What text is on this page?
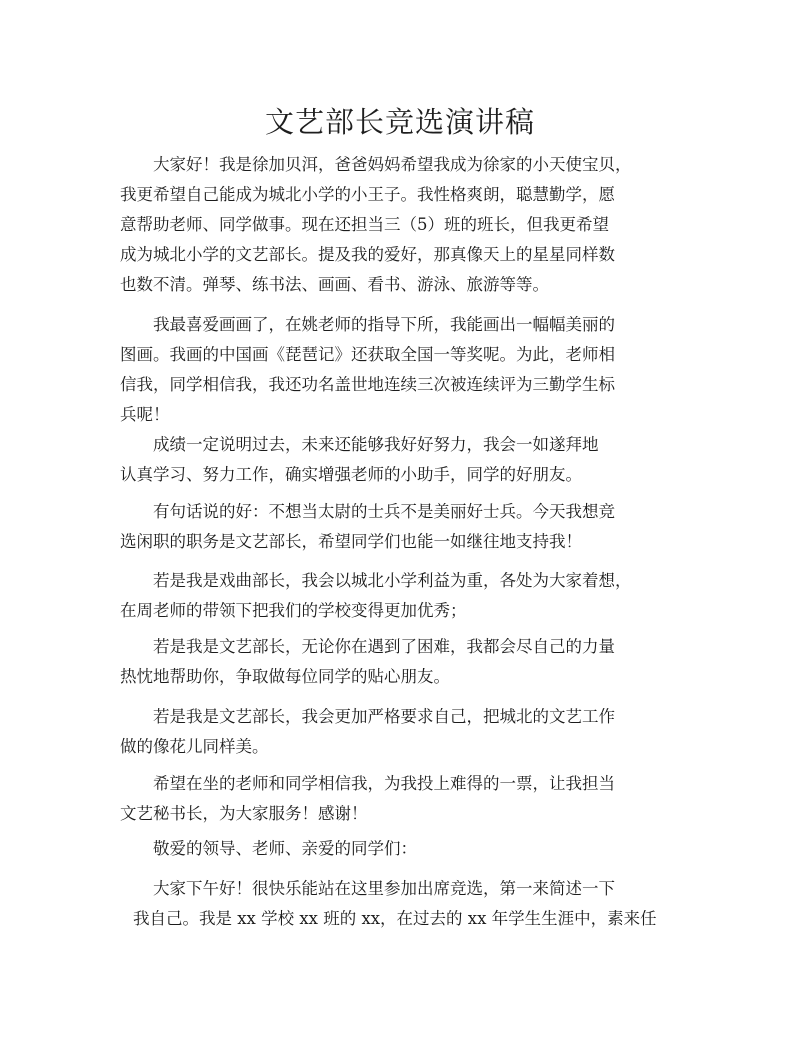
文艺部长竞选演讲稿
大家好！我是徐加贝洱，爸爸妈妈希望我成为徐家的小天使宝贝，
我更希望自己能成为城北小学的小王子。我性格爽朗，聪慧勤学，愿
意帮助老师、同学做事。现在还担当三（5）班的班长，但我更希望
成为城北小学的文艺部长。提及我的爱好，那真像天上的星星同样数
也数不清。弹琴、练书法、画画、看书、游泳、旅游等等。
我最喜爱画画了，在姚老师的指导下所，我能画出一幅幅美丽的
图画。我画的中国画《琵琶记》还获取全国一等奖呢。为此，老师相
信我，同学相信我，我还功名盖世地连续三次被连续评为三勤学生标
兵呢！
成绩一定说明过去，未来还能够我好好努力，我会一如遂拜地
认真学习、努力工作，确实增强老师的小助手，同学的好朋友。
有句话说的好：不想当太尉的士兵不是美丽好士兵。今天我想竞
选闲职的职务是文艺部长，希望同学们也能一如继往地支持我！
若是我是戏曲部长，我会以城北小学利益为重，各处为大家着想，
在周老师的带领下把我们的学校变得更加优秀；
若是我是文艺部长，无论你在遇到了困难，我都会尽自己的力量
热忱地帮助你，争取做每位同学的贴心朋友。
若是我是文艺部长，我会更加严格要求自己，把城北的文艺工作
做的像花儿同样美。
希望在坐的老师和同学相信我，为我投上难得的一票，让我担当
文艺秘书长，为大家服务！感谢！
敬爱的领导、老师、亲爱的同学们：
大家下午好！很快乐能站在这里参加出席竞选，第一来简述一下
我自己。我是 xx 学校 xx 班的 xx，在过去的 xx 年学生生涯中，素来任
